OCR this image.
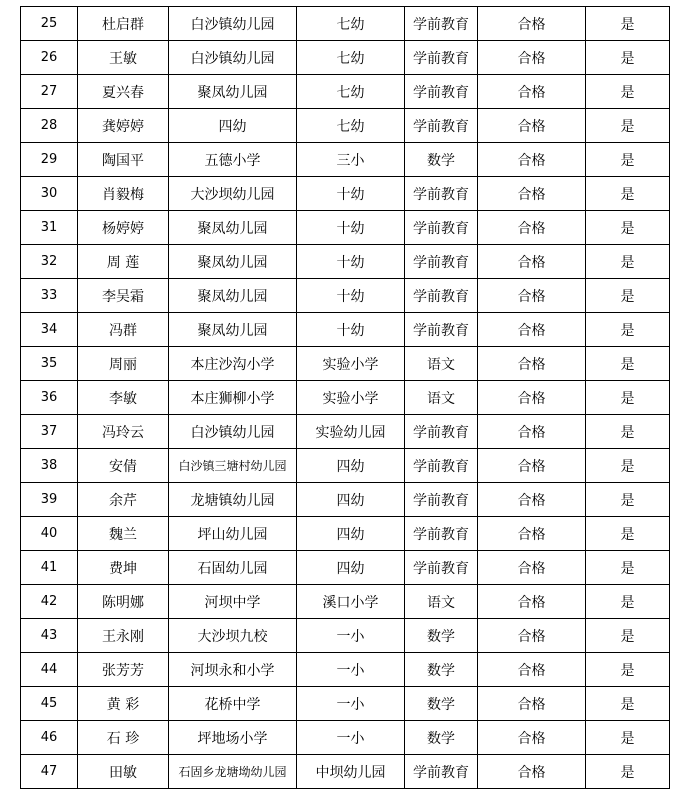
25	杜启群	白沙镇幼儿园	七幼	学前教育	合格	是
26	王敏	白沙镇幼儿园	七幼	学前教育	合格	是
27	夏兴春	聚凤幼儿园	七幼	学前教育	合格	是
28	龚婷婷	四幼	七幼	学前教育	合格	是
29	陶国平	五德小学	三小	数学	合格	是
30	肖毅梅	大沙坝幼儿园	十幼	学前教育	合格	是
31	杨婷婷	聚凤幼儿园	十幼	学前教育	合格	是
32	周 莲	聚凤幼儿园	十幼	学前教育	合格	是
33	李吴霜	聚凤幼儿园	十幼	学前教育	合格	是
34	冯群	聚凤幼儿园	十幼	学前教育	合格	是
35	周丽	本庄沙沟小学	实验小学	语文	合格	是
36	李敏	本庄狮柳小学	实验小学	语文	合格	是
37	冯玲云	白沙镇幼儿园	实验幼儿园	学前教育	合格	是
38	安倩	白沙镇三塘村幼儿园	四幼	学前教育	合格	是
39	余芹	龙塘镇幼儿园	四幼	学前教育	合格	是
40	魏兰	坪山幼儿园	四幼	学前教育	合格	是
41	费坤	石固幼儿园	四幼	学前教育	合格	是
42	陈明娜	河坝中学	溪口小学	语文	合格	是
43	王永刚	大沙坝九校	一小	数学	合格	是
44	张芳芳	河坝永和小学	一小	数学	合格	是
45	黄 彩	花桥中学	一小	数学	合格	是
46	石 珍	坪地场小学	一小	数学	合格	是
47	田敏	石固乡龙塘坳幼儿园	中坝幼儿园	学前教育	合格	是
